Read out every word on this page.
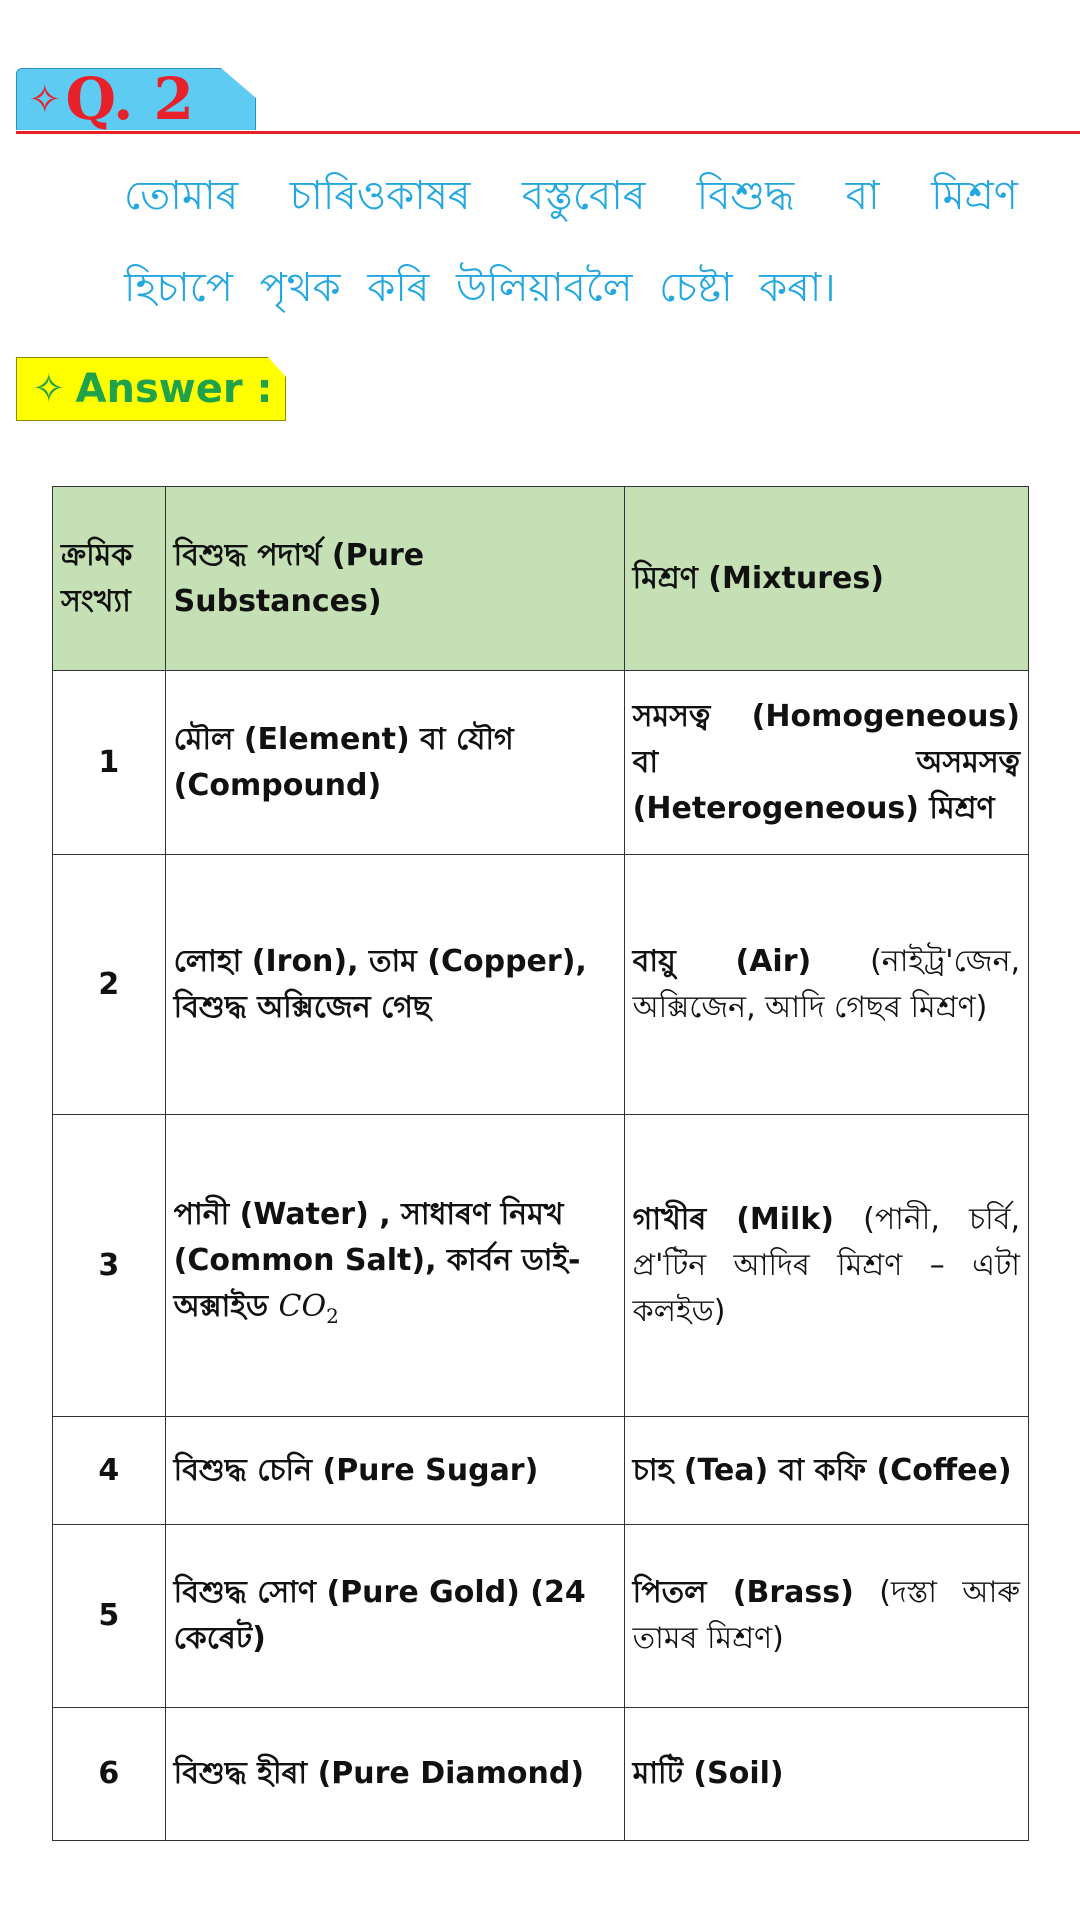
✧Q. 2
তোমাৰ চাৰিওকাষৰ বস্তুবোৰ বিশুদ্ধ বা মিশ্ৰণ হিচাপে পৃথক কৰি উলিয়াবলৈ চেষ্টা কৰা।
✧ Answer :
ক্ৰমিক সংখ্যা	বিশুদ্ধ পদাৰ্থ (Pure Substances)	মিশ্ৰণ (Mixtures)
1	মৌল (Element) বা যৌগ (Compound)	সমসত্ব (Homogeneous) বা অসমসত্ব (Heterogeneous) মিশ্ৰণ
2	লোহা (Iron), তাম (Copper), বিশুদ্ধ অক্সিজেন গেছ	বায়ু (Air) (নাইট্ৰ'জেন, অক্সিজেন, আদি গেছৰ মিশ্ৰণ)
3	পানী (Water) , সাধাৰণ নিমখ (Common Salt), কাৰ্বন ডাই-অক্সাইড $CO_2$	গাখীৰ (Milk) (পানী, চৰ্বি, প্ৰ'টিন আদিৰ মিশ্ৰণ – এটা কলইড)
4	বিশুদ্ধ চেনি (Pure Sugar)	চাহ (Tea) বা কফি (Coffee)
5	বিশুদ্ধ সোণ (Pure Gold) (24 কেৰেট)	পিতল (Brass) (দস্তা আৰু তামৰ মিশ্ৰণ)
6	বিশুদ্ধ হীৰা (Pure Diamond)	মাটি (Soil)
